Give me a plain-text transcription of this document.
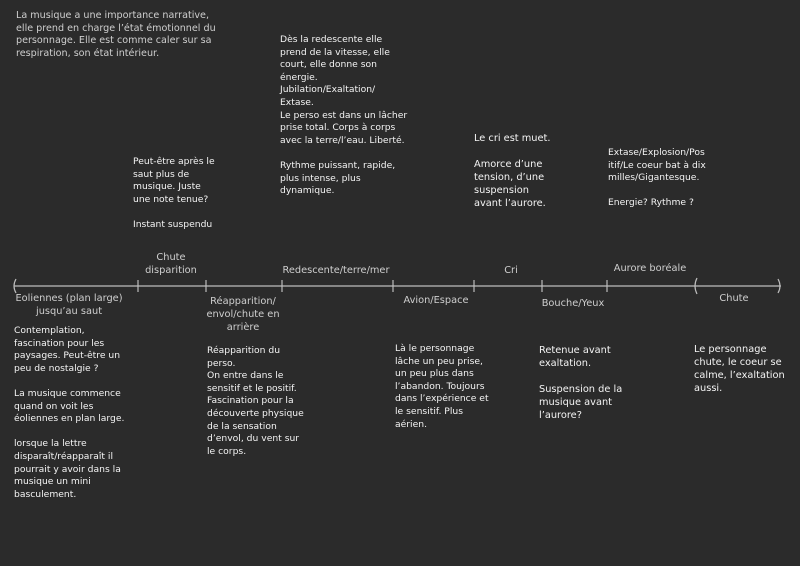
La musique a une importance narrative,
elle prend en charge l’état émotionnel du
personnage. Elle est comme caler sur sa
respiration, son état intérieur.
Peut-être après le
saut plus de
musique. Juste
une note tenue?

Instant suspendu
Dès la redescente elle
prend de la vitesse, elle
court, elle donne son
énergie.
Jubilation/Exaltation/
Extase.
Le perso est dans un lâcher
prise total. Corps à corps
avec la terre/l’eau. Liberté.

Rythme puissant, rapide,
plus intense, plus
dynamique.
Le cri est muet.

Amorce d’une
tension, d’une
suspension
avant l’aurore.
Extase/Explosion/Pos
itif/Le coeur bat à dix
milles/Gigantesque.

Energie? Rythme ?
Chute
disparition	Redescente/terre/mer	Cri	Aurore boréale
Eoliennes (plan large)
jusqu’au saut
Réapparition/
envol/chute en
arrière
Avion/Espace	Bouche/Yeux	Chute
Contemplation,
fascination pour les
paysages. Peut-être un
peu de nostalgie ?

La musique commence
quand on voit les
éoliennes en plan large.

lorsque la lettre
disparaît/réapparaît il
pourrait y avoir dans la
musique un mini
basculement.
Réapparition du
perso.
On entre dans le
sensitif et le positif.
Fascination pour la
découverte physique
de la sensation
d’envol, du vent sur
le corps.
Là le personnage
lâche un peu prise,
un peu plus dans
l’abandon. Toujours
dans l’expérience et
le sensitif. Plus
aérien.
Retenue avant
exaltation.

Suspension de la
musique avant
l’aurore?
Le personnage
chute, le coeur se
calme, l’exaltation
aussi.
